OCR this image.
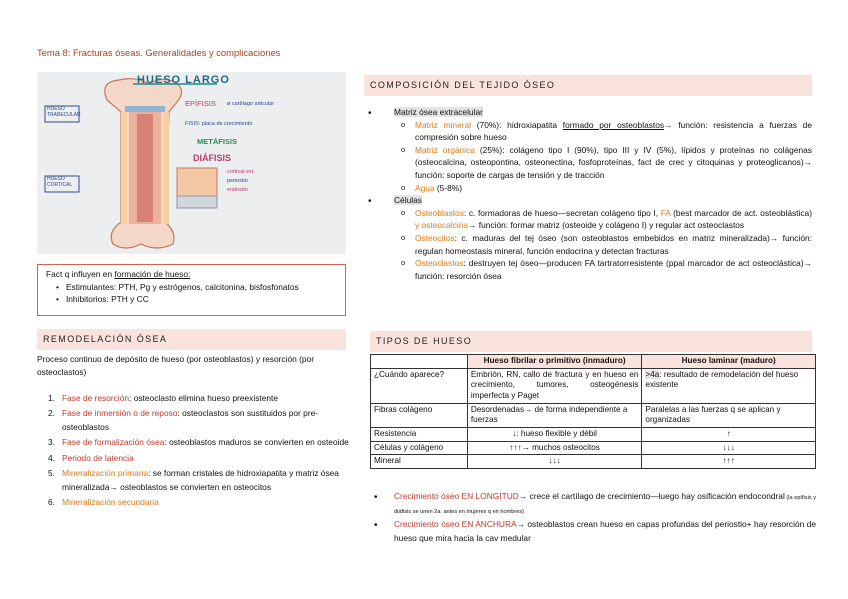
Tema 8: Fracturas óseas. Generalidades y complicaciones
HUESO LARGO
HUESO TRABECULAR
EPÍFISIS ø cartílago articular
FISIS: placa de crecimiento
METÁFISIS
DIÁFISIS
HUESO CORTICAL
cortical ext.
periostio
endostio
Fact q influyen en formación de hueso:
• Estimulantes: PTH, Pg y estrógenos, calcitonina, bisfosfonatos
• Inhibitorios: PTH y CC
REMODELACIÓN ÓSEA
Proceso continuo de depósito de hueso (por osteoblastos) y resorción (por osteoclastos)
1. Fase de resorción: osteoclasto elimina hueso preexistente
2. Fase de inmersión o de reposo: osteoclastos son sustituidos por pre-osteoblastos
3. Fase de formalización ósea: osteoblastos maduros se convierten en osteoide
4. Periodo de latencia
5. Mineralización primaria: se forman cristales de hidroxiapatita y matriz ósea mineralizada→ osteoblastos se convierten en osteocitos
6. Mineralización secundaria
COMPOSICIÓN DEL TEJIDO ÓSEO
• Matriz ósea extracelular
o Matriz mineral (70%): hidroxiapatita formado por osteoblastos→ función: resistencia a fuerzas de compresión sobre hueso
o Matriz orgánica (25%): colágeno tipo I (90%), tipo III y IV (5%), lípidos y proteínas no colágenas (osteocalcina, osteopontina, osteonectina, fosfoproteínas, fact de crec y citoquinas y proteoglicanos)→ función: soporte de cargas de tensión y de tracción
o Agua (5-8%)
• Células
o Osteoblastos: c. formadoras de hueso—secretan colágeno tipo I, FA (best marcador de act. osteoblástica) y osteocalcina→ función: formar matriz (osteoide y colágeno I) y regular act osteoclastos
o Osteocitos: c. maduras del tej óseo (son osteoblastos embebidos en matriz mineralizada)→ función: regulan homeostasis mineral, función endocrina y detectan fracturas
o Osteoclastos: destruyen tej óseo—producen FA tartratorresistente (ppal marcador de act osteoclástica)→ función: resorción ósea
TIPOS DE HUESO
	Hueso fibrilar o primitivo (inmaduro)	Hueso laminar (maduro)
¿Cuándo aparece?	Embrión, RN, callo de fractura y en hueso en crecimiento, tumores, osteogénesis imperfecta y Paget	>4a: resultado de remodelación del hueso existente
Fibras colágeno	Desordenadas→ de forma independiente a fuerzas	Paralelas a las fuerzas q se aplican y organizadas
Resistencia	↓: hueso flexible y débil	↑
Células y colágeno	↑↑↑→ muchos osteocitos	↓↓↓
Mineral	↓↓↓	↑↑↑
• Crecimiento óseo EN LONGITUD→ crece el cartílago de crecimiento—luego hay osificación endocondral (la epífisis y diáfisis se unen 2a. antes en mujeres q en hombres)
• Crecimiento óseo EN ANCHURA→ osteoblastos crean hueso en capas profundas del periostio+ hay resorción de hueso que mira hacia la cav medular
